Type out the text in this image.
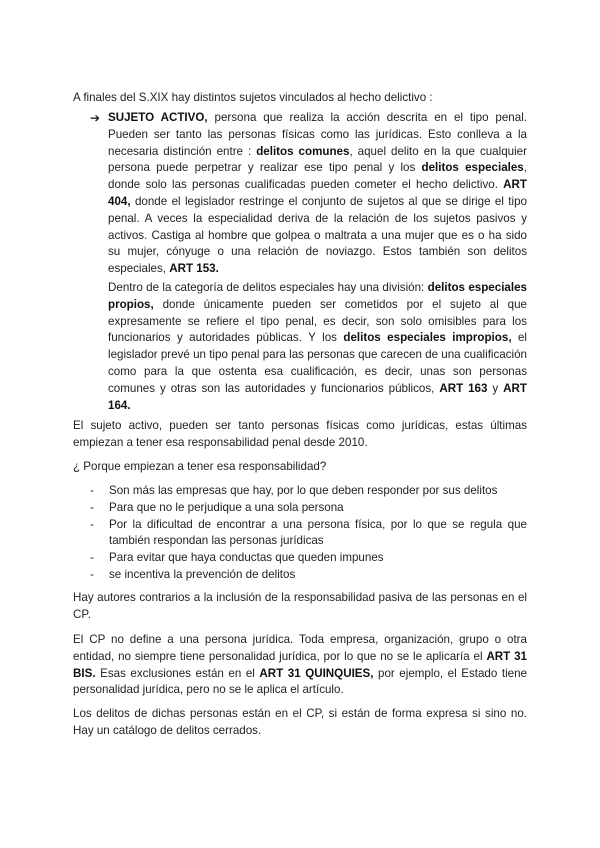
A finales del S.XIX hay distintos sujetos vinculados al hecho delictivo :

➔ SUJETO ACTIVO, persona que realiza la acción descrita en el tipo penal. Pueden ser tanto las personas físicas como las jurídicas. Esto conlleva a la necesaria distinción entre : delitos comunes, aquel delito en la que cualquier persona puede perpetrar y realizar ese tipo penal y los delitos especiales, donde solo las personas cualificadas pueden cometer el hecho delictivo. ART 404, donde el legislador restringe el conjunto de sujetos al que se dirige el tipo penal. A veces la especialidad deriva de la relación de los sujetos pasivos y activos. Castiga al hombre que golpea o maltrata a una mujer que es o ha sido su mujer, cónyuge o una relación de noviazgo. Estos también son delitos especiales, ART 153.

Dentro de la categoría de delitos especiales hay una división: delitos especiales propios, donde únicamente pueden ser cometidos por el sujeto al que expresamente se refiere el tipo penal, es decir, son solo omisibles para los funcionarios y autoridades públicas. Y los delitos especiales impropios, el legislador prevé un tipo penal para las personas que carecen de una cualificación como para la que ostenta esa cualificación, es decir, unas son personas comunes y otras son las autoridades y funcionarios públicos, ART 163 y ART 164.

El sujeto activo, pueden ser tanto personas físicas como jurídicas, estas últimas empiezan a tener esa responsabilidad penal desde 2010.

¿ Porque empiezan a tener esa responsabilidad?

- Son más las empresas que hay, por lo que deben responder por sus delitos
- Para que no le perjudique a una sola persona
- Por la dificultad de encontrar a una persona física, por lo que se regula que también respondan las personas jurídicas
- Para evitar que haya conductas que queden impunes
- se incentiva la prevención de delitos

Hay autores contrarios a la inclusión de la responsabilidad pasiva de las personas en el CP.

El CP no define a una persona jurídica. Toda empresa, organización, grupo o otra entidad, no siempre tiene personalidad jurídica, por lo que no se le aplicaría el ART 31 BIS. Esas exclusiones están en el ART 31 QUINQUIES, por ejemplo, el Estado tiene personalidad jurídica, pero no se le aplica el artículo.

Los delitos de dichas personas están en el CP, si están de forma expresa si sino no. Hay un catálogo de delitos cerrados.
